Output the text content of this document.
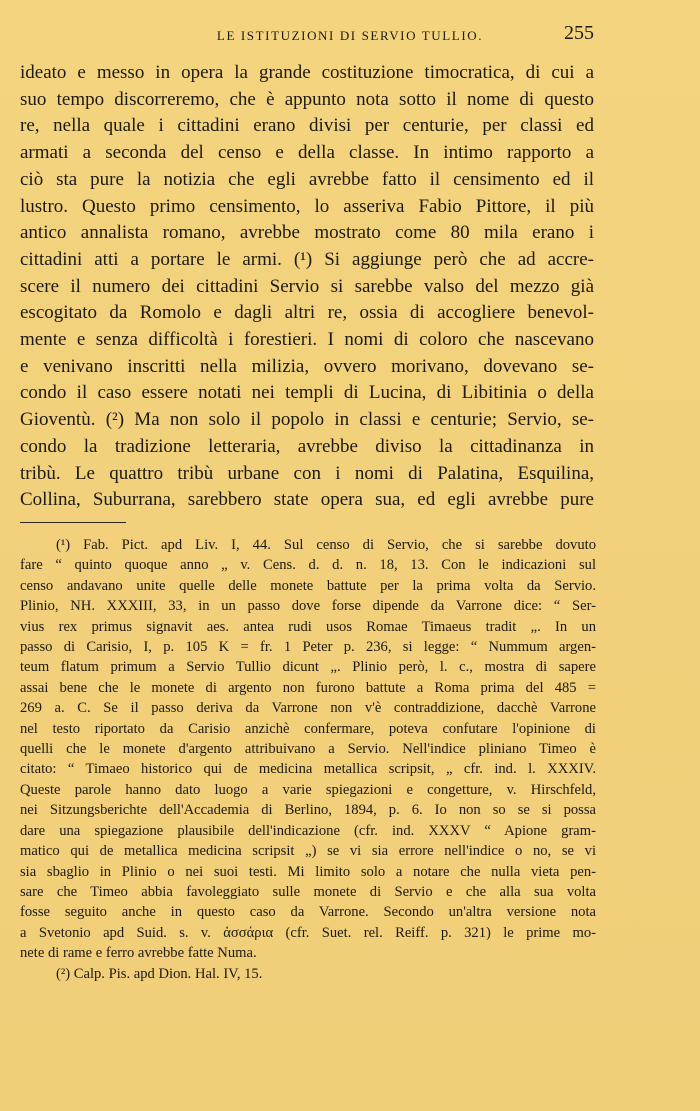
LE ISTITUZIONI DI SERVIO TULLIO.	255
ideato e messo in opera la grande costituzione timocratica, di cui a
suo tempo discorreremo, che è appunto nota sotto il nome di questo
re, nella quale i cittadini erano divisi per centurie, per classi ed
armati a seconda del censo e della classe. In intimo rapporto a
ciò sta pure la notizia che egli avrebbe fatto il censimento ed il
lustro. Questo primo censimento, lo asseriva Fabio Pittore, il più
antico annalista romano, avrebbe mostrato come 80 mila erano i
cittadini atti a portare le armi. (¹) Si aggiunge però che ad accre-
scere il numero dei cittadini Servio si sarebbe valso del mezzo già
escogitato da Romolo e dagli altri re, ossia di accogliere benevol-
mente e senza difficoltà i forestieri. I nomi di coloro che nascevano
e venivano inscritti nella milizia, ovvero morivano, dovevano se-
condo il caso essere notati nei templi di Lucina, di Libitinia o della
Gioventù. (²) Ma non solo il popolo in classi e centurie; Servio, se-
condo la tradizione letteraria, avrebbe diviso la cittadinanza in
tribù. Le quattro tribù urbane con i nomi di Palatina, Esquilina,
Collina, Suburrana, sarebbero state opera sua, ed egli avrebbe pure
(¹) Fab. Pict. apd Liv. I, 44. Sul censo di Servio, che si sarebbe dovuto
fare “ quinto quoque anno „ v. Cens. d. d. n. 18, 13. Con le indicazioni sul
censo andavano unite quelle delle monete battute per la prima volta da Servio.
Plinio, NH. XXXIII, 33, in un passo dove forse dipende da Varrone dice: “ Ser-
vius rex primus signavit aes. antea rudi usos Romae Timaeus tradit „. In un
passo di Carisio, I, p. 105 K = fr. 1 Peter p. 236, si legge: “ Nummum argen-
teum flatum primum a Servio Tullio dicunt „. Plinio però, l. c., mostra di sapere
assai bene che le monete di argento non furono battute a Roma prima del 485 =
269 a. C. Se il passo deriva da Varrone non v'è contraddizione, dacchè Varrone
nel testo riportato da Carisio anzichè confermare, poteva confutare l'opinione di
quelli che le monete d'argento attribuivano a Servio. Nell'indice pliniano Timeo è
citato: “ Timaeo historico qui de medicina metallica scripsit, „ cfr. ind. l. XXXIV.
Queste parole hanno dato luogo a varie spiegazioni e congetture, v. Hirschfeld,
nei Sitzungsberichte dell'Accademia di Berlino, 1894, p. 6. Io non so se si possa
dare una spiegazione plausibile dell'indicazione (cfr. ind. XXXV “ Apione gram-
matico qui de metallica medicina scripsit „) se vi sia errore nell'indice o no, se vi
sia sbaglio in Plinio o nei suoi testi. Mi limito solo a notare che nulla vieta pen-
sare che Timeo abbia favoleggiato sulle monete di Servio e che alla sua volta
fosse seguito anche in questo caso da Varrone. Secondo un'altra versione nota
a Svetonio apd Suid. s. v. ἀσσάρια (cfr. Suet. rel. Reiff. p. 321) le prime mo-
nete di rame e ferro avrebbe fatte Numa.
(²) Calp. Pis. apd Dion. Hal. IV, 15.
